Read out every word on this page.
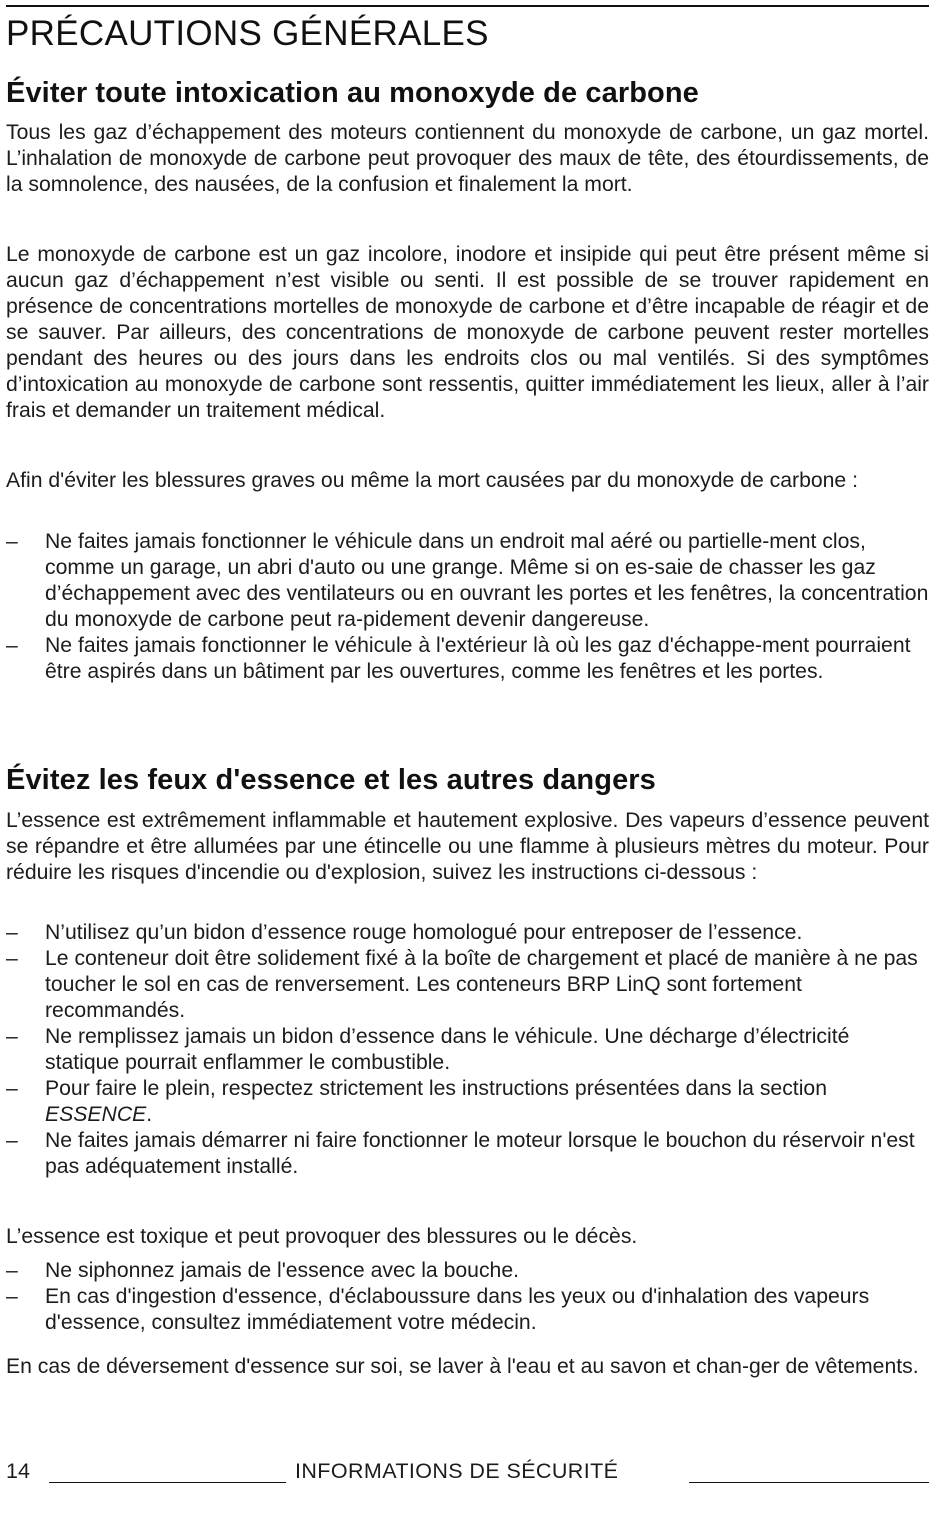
PRÉCAUTIONS GÉNÉRALES
Éviter toute intoxication au monoxyde de carbone

Tous les gaz d’échappement des moteurs contiennent du monoxyde de carbone, un gaz mortel. L’inhalation de monoxyde de carbone peut provoquer des maux de tête, des étourdissements, de la somnolence, des nausées, de la confusion et finalement la mort.

Le monoxyde de carbone est un gaz incolore, inodore et insipide qui peut être présent même si aucun gaz d’échappement n’est visible ou senti. Il est possible de se trouver rapidement en présence de concentrations mortelles de monoxyde de carbone et d’être incapable de réagir et de se sauver. Par ailleurs, des concentrations de monoxyde de carbone peuvent rester mortelles pendant des heures ou des jours dans les endroits clos ou mal ventilés. Si des symptômes d’intoxication au monoxyde de carbone sont ressentis, quitter immédiatement les lieux, aller à l’air frais et demander un traitement médical.

Afin d'éviter les blessures graves ou même la mort causées par du monoxyde de carbone :

– Ne faites jamais fonctionner le véhicule dans un endroit mal aéré ou partielle-ment clos, comme un garage, un abri d'auto ou une grange. Même si on es-saie de chasser les gaz d’échappement avec des ventilateurs ou en ouvrant les portes et les fenêtres, la concentration du monoxyde de carbone peut ra-pidement devenir dangereuse.
– Ne faites jamais fonctionner le véhicule à l'extérieur là où les gaz d'échappe-ment pourraient être aspirés dans un bâtiment par les ouvertures, comme les fenêtres et les portes.
Évitez les feux d'essence et les autres dangers

L’essence est extrêmement inflammable et hautement explosive. Des vapeurs d’essence peuvent se répandre et être allumées par une étincelle ou une flamme à plusieurs mètres du moteur. Pour réduire les risques d'incendie ou d'explosion, suivez les instructions ci-dessous :

– N’utilisez qu’un bidon d’essence rouge homologué pour entreposer de l’essence.
– Le conteneur doit être solidement fixé à la boîte de chargement et placé de manière à ne pas toucher le sol en cas de renversement. Les conteneurs BRP LinQ sont fortement recommandés.
– Ne remplissez jamais un bidon d’essence dans le véhicule. Une décharge d’électricité statique pourrait enflammer le combustible.
– Pour faire le plein, respectez strictement les instructions présentées dans la section ESSENCE.
– Ne faites jamais démarrer ni faire fonctionner le moteur lorsque le bouchon du réservoir n'est pas adéquatement installé.

L’essence est toxique et peut provoquer des blessures ou le décès.

– Ne siphonnez jamais de l'essence avec la bouche.
– En cas d'ingestion d'essence, d'éclaboussure dans les yeux ou d'inhalation des vapeurs d'essence, consultez immédiatement votre médecin.

En cas de déversement d'essence sur soi, se laver à l'eau et au savon et chan-ger de vêtements.

14	INFORMATIONS DE SÉCURITÉ
